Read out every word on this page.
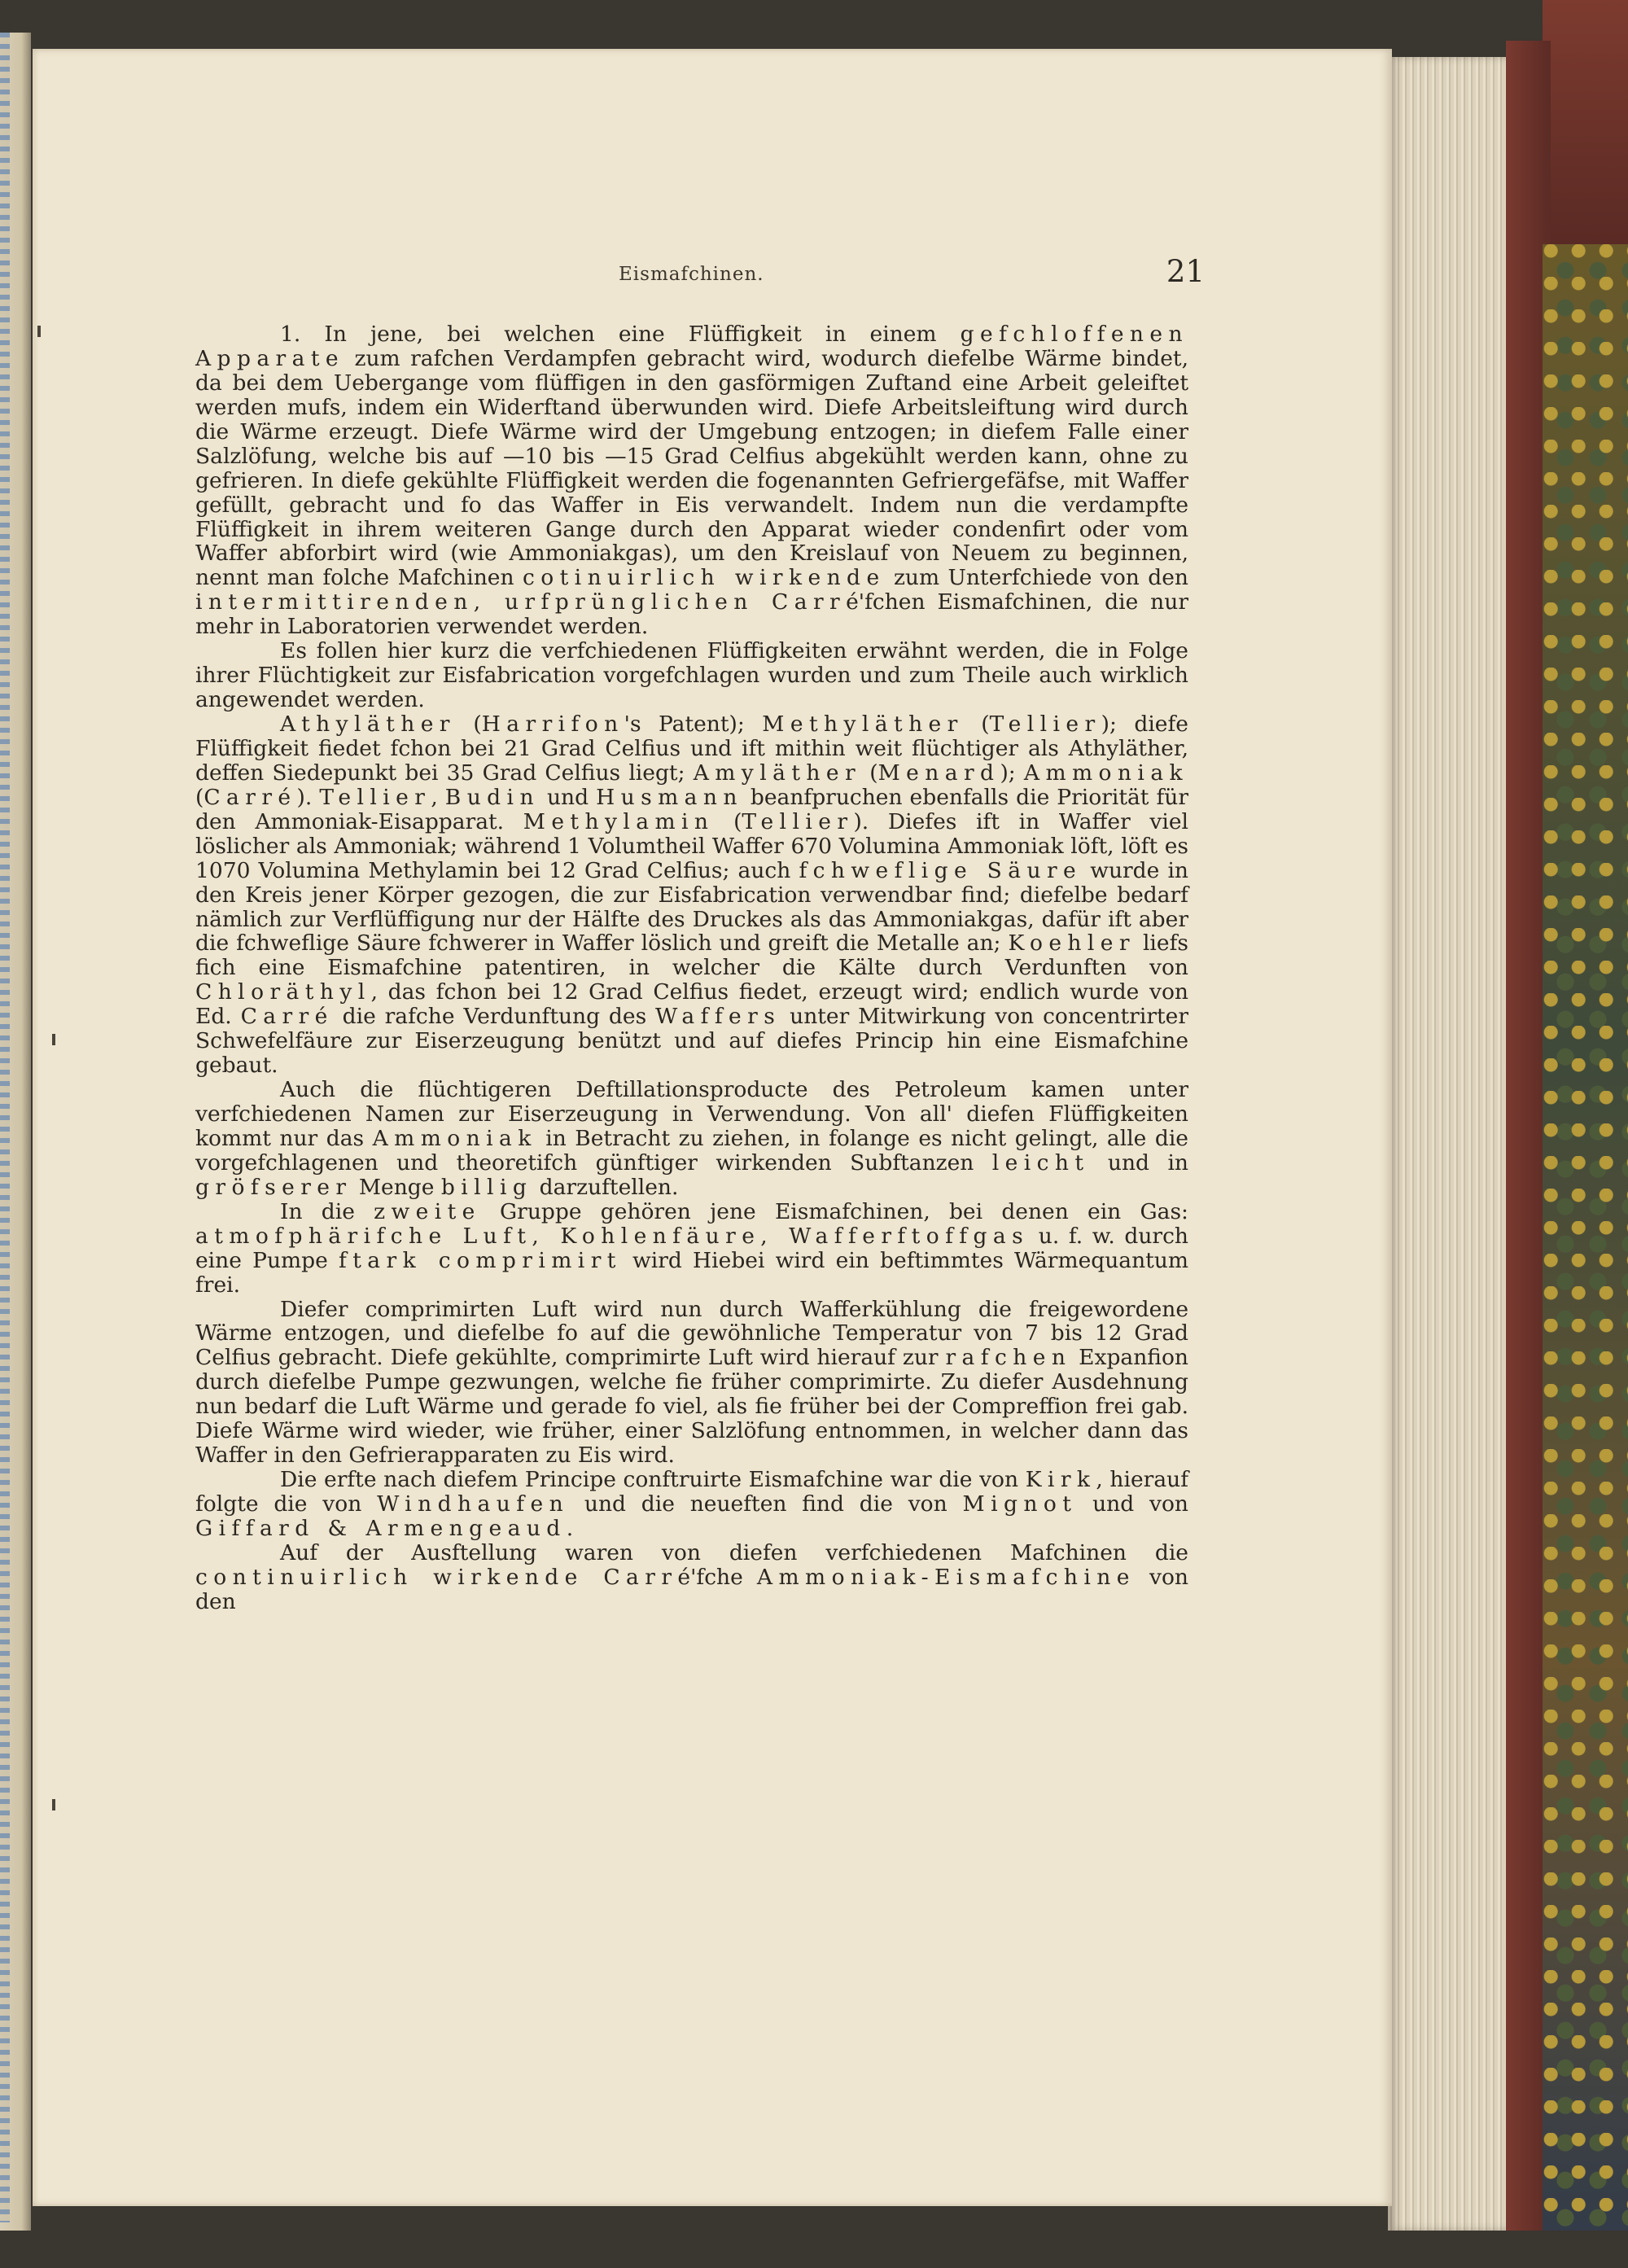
Eismafchinen.	21

1. In jene, bei welchen eine Flüffigkeit in einem gefchloffenen Apparate zum rafchen Verdampfen gebracht wird, wodurch diefelbe Wärme bindet, da bei dem Uebergange vom flüffigen in den gasförmigen Zuftand eine Arbeit geleiftet werden mufs, indem ein Widerftand überwunden wird. Diefe Arbeitsleiftung wird durch die Wärme erzeugt. Diefe Wärme wird der Umgebung entzogen; in diefem Falle einer Salzlöfung, welche bis auf —10 bis —15 Grad Celfius abgekühlt werden kann, ohne zu gefrieren. In diefe gekühlte Flüffigkeit werden die fogenannten Gefriergefäfse, mit Waffer gefüllt, gebracht und fo das Waffer in Eis verwandelt. Indem nun die verdampfte Flüffigkeit in ihrem weiteren Gange durch den Apparat wieder condenfirt oder vom Waffer abforbirt wird (wie Ammoniakgas), um den Kreislauf von Neuem zu beginnen, nennt man folche Mafchinen cotinuirlich wirkende zum Unterfchiede von den intermittirenden, urfprünglichen Carré'fchen Eismafchinen, die nur mehr in Laboratorien verwendet werden.

Es follen hier kurz die verfchiedenen Flüffigkeiten erwähnt werden, die in Folge ihrer Flüchtigkeit zur Eisfabrication vorgefchlagen wurden und zum Theile auch wirklich angewendet werden.

Athyläther (Harrifon's Patent); Methyläther (Tellier); diefe Flüffigkeit fiedet fchon bei 21 Grad Celfius und ift mithin weit flüchtiger als Athyläther, deffen Siedepunkt bei 35 Grad Celfius liegt; Amyläther (Menard); Ammoniak (Carré). Tellier, Budin und Husmann beanfpruchen ebenfalls die Priorität für den Ammoniak-Eisapparat. Methylamin (Tellier). Diefes ift in Waffer viel löslicher als Ammoniak; während 1 Volumtheil Waffer 670 Volumina Ammoniak löft, löft es 1070 Volumina Methylamin bei 12 Grad Celfius; auch fchweflige Säure wurde in den Kreis jener Körper gezogen, die zur Eisfabrication verwendbar find; diefelbe bedarf nämlich zur Verflüffigung nur der Hälfte des Druckes als das Ammoniakgas, dafür ift aber die fchweflige Säure fchwerer in Waffer löslich und greift die Metalle an; Koehler liefs fich eine Eismafchine patentiren, in welcher die Kälte durch Verdunften von Chloräthyl, das fchon bei 12 Grad Celfius fiedet, erzeugt wird; endlich wurde von Ed. Carré die rafche Verdunftung des Waffers unter Mitwirkung von concentrirter Schwefelfäure zur Eiserzeugung benützt und auf diefes Princip hin eine Eismafchine gebaut.

Auch die flüchtigeren Deftillationsproducte des Petroleum kamen unter verfchiedenen Namen zur Eiserzeugung in Verwendung. Von all' diefen Flüffigkeiten kommt nur das Ammoniak in Betracht zu ziehen, in folange es nicht gelingt, alle die vorgefchlagenen und theoretifch günftiger wirkenden Subftanzen leicht und in gröfserer Menge billig darzuftellen.

In die zweite Gruppe gehören jene Eismafchinen, bei denen ein Gas: atmofphärifche Luft, Kohlenfäure, Wafferftoffgas u. f. w. durch eine Pumpe ftark comprimirt wird Hiebei wird ein beftimmtes Wärmequantum frei.

Diefer comprimirten Luft wird nun durch Wafferkühlung die freigewordene Wärme entzogen, und diefelbe fo auf die gewöhnliche Temperatur von 7 bis 12 Grad Celfius gebracht. Diefe gekühlte, comprimirte Luft wird hierauf zur rafchen Expanfion durch diefelbe Pumpe gezwungen, welche fie früher comprimirte. Zu diefer Ausdehnung nun bedarf die Luft Wärme und gerade fo viel, als fie früher bei der Compreffion frei gab. Diefe Wärme wird wieder, wie früher, einer Salzlöfung entnommen, in welcher dann das Waffer in den Gefrierapparaten zu Eis wird.

Die erfte nach diefem Principe conftruirte Eismafchine war die von Kirk, hierauf folgte die von Windhaufen und die neueften find die von Mignot und von Giffard & Armengeaud.

Auf der Ausftellung waren von diefen verfchiedenen Mafchinen die continuirlich wirkende Carré'fche Ammoniak-Eismafchine von den
